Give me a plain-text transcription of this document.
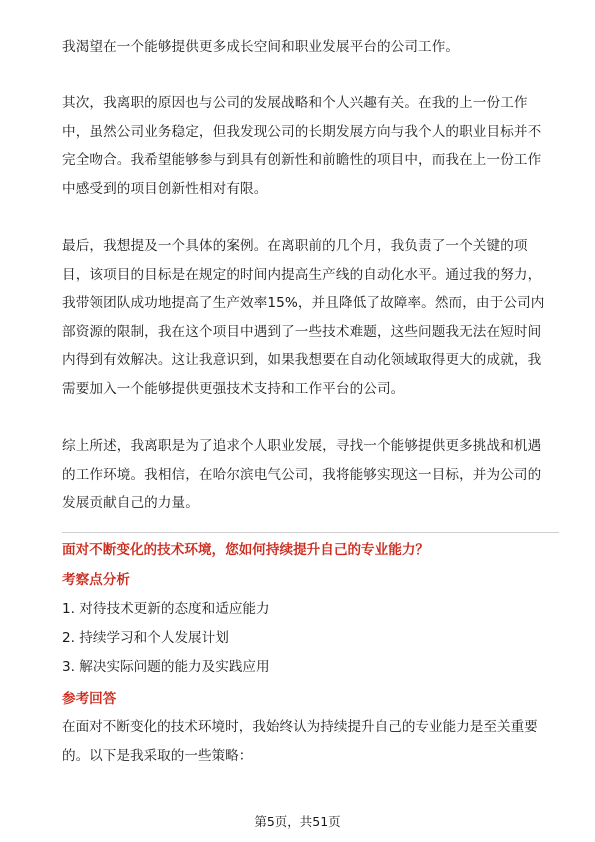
我渴望在一个能够提供更多成长空间和职业发展平台的公司工作。

其次，我离职的原因也与公司的发展战略和个人兴趣有关。在我的上一份工作中，虽然公司业务稳定，但我发现公司的长期发展方向与我个人的职业目标并不完全吻合。我希望能够参与到具有创新性和前瞻性的项目中，而我在上一份工作中感受到的项目创新性相对有限。

最后，我想提及一个具体的案例。在离职前的几个月，我负责了一个关键的项目，该项目的目标是在规定的时间内提高生产线的自动化水平。通过我的努力，我带领团队成功地提高了生产效率15%，并且降低了故障率。然而，由于公司内部资源的限制，我在这个项目中遇到了一些技术难题，这些问题我无法在短时间内得到有效解决。这让我意识到，如果我想要在自动化领域取得更大的成就，我需要加入一个能够提供更强技术支持和工作平台的公司。

综上所述，我离职是为了追求个人职业发展，寻找一个能够提供更多挑战和机遇的工作环境。我相信，在哈尔滨电气公司，我将能够实现这一目标，并为公司的发展贡献自己的力量。

面对不断变化的技术环境，您如何持续提升自己的专业能力？

考察点分析

1. 对待技术更新的态度和适应能力
2. 持续学习和个人发展计划
3. 解决实际问题的能力及实践应用

参考回答

在面对不断变化的技术环境时，我始终认为持续提升自己的专业能力是至关重要的。以下是我采取的一些策略：

第5页，共51页
